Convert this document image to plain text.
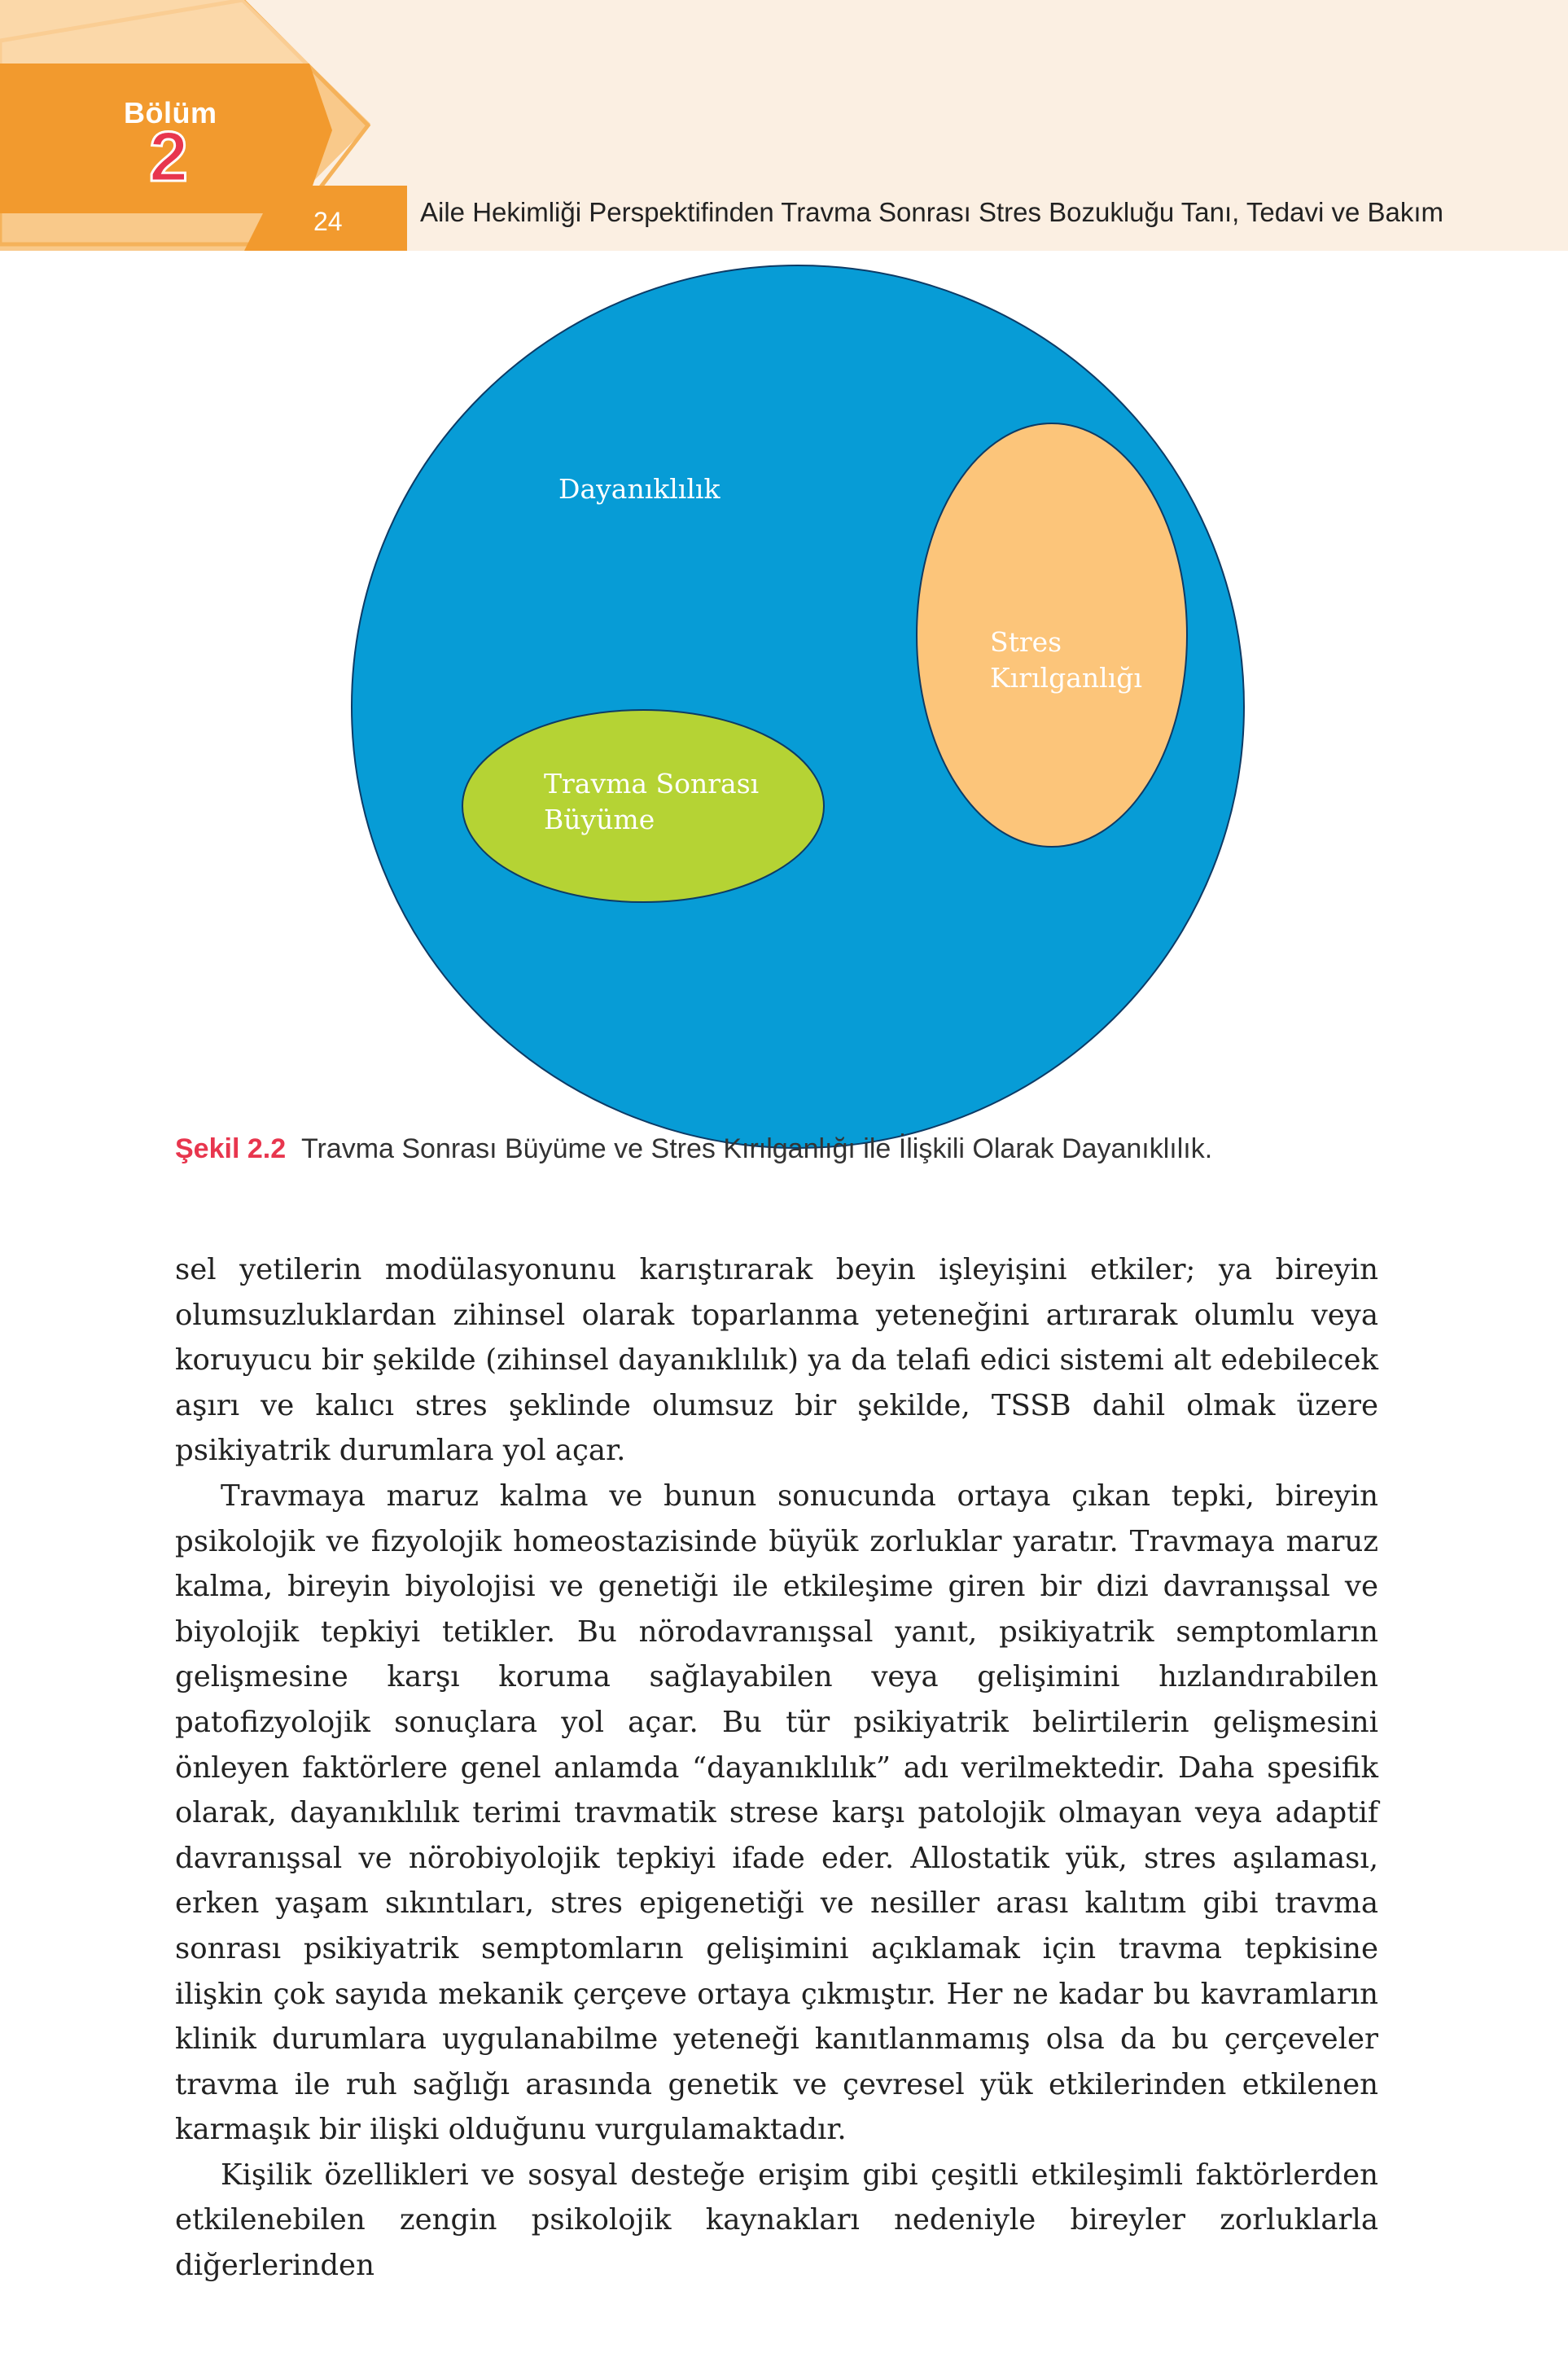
Bölüm
2
24	Aile Hekimliği Perspektifinden Travma Sonrası Stres Bozukluğu Tanı, Tedavi ve Bakım
Dayanıklılık
Stres
Kırılganlığı
Travma Sonrası
Büyüme
Şekil 2.2 Travma Sonrası Büyüme ve Stres Kırılganlığı ile İlişkili Olarak Dayanıklılık.

sel yetilerin modülasyonunu karıştırarak beyin işleyişini etkiler; ya bireyin olumsuzluklardan zihinsel olarak toparlanma yeteneğini artırarak olumlu veya koruyucu bir şekilde (zihinsel dayanıklılık) ya da telafi edici sistemi alt edebilecek aşırı ve kalıcı stres şeklinde olumsuz bir şekilde, TSSB dahil olmak üzere psikiyatrik durumlara yol açar.

Travmaya maruz kalma ve bunun sonucunda ortaya çıkan tepki, bireyin psikolojik ve fizyolojik homeostazisinde büyük zorluklar yaratır. Travmaya maruz kalma, bireyin biyolojisi ve genetiği ile etkileşime giren bir dizi davranışsal ve biyolojik tepkiyi tetikler. Bu nörodavranışsal yanıt, psikiyatrik semptomların gelişmesine karşı koruma sağlayabilen veya gelişimini hızlandırabilen patofizyolojik sonuçlara yol açar. Bu tür psikiyatrik belirtilerin gelişmesini önleyen faktörlere genel anlamda “dayanıklılık” adı verilmektedir. Daha spesifik olarak, dayanıklılık terimi travmatik strese karşı patolojik olmayan veya adaptif davranışsal ve nörobiyolojik tepkiyi ifade eder. Allostatik yük, stres aşılaması, erken yaşam sıkıntıları, stres epigenetiği ve nesiller arası kalıtım gibi travma sonrası psikiyatrik semptomların gelişimini açıklamak için travma tepkisine ilişkin çok sayıda mekanik çerçeve ortaya çıkmıştır. Her ne kadar bu kavramların klinik durumlara uygulanabilme yeteneği kanıtlanmamış olsa da bu çerçeveler travma ile ruh sağlığı arasında genetik ve çevresel yük etkilerinden etkilenen karmaşık bir ilişki olduğunu vurgulamaktadır.

Kişilik özellikleri ve sosyal desteğe erişim gibi çeşitli etkileşimli faktörlerden etkilenebilen zengin psikolojik kaynakları nedeniyle bireyler zorluklarla diğerlerinden
